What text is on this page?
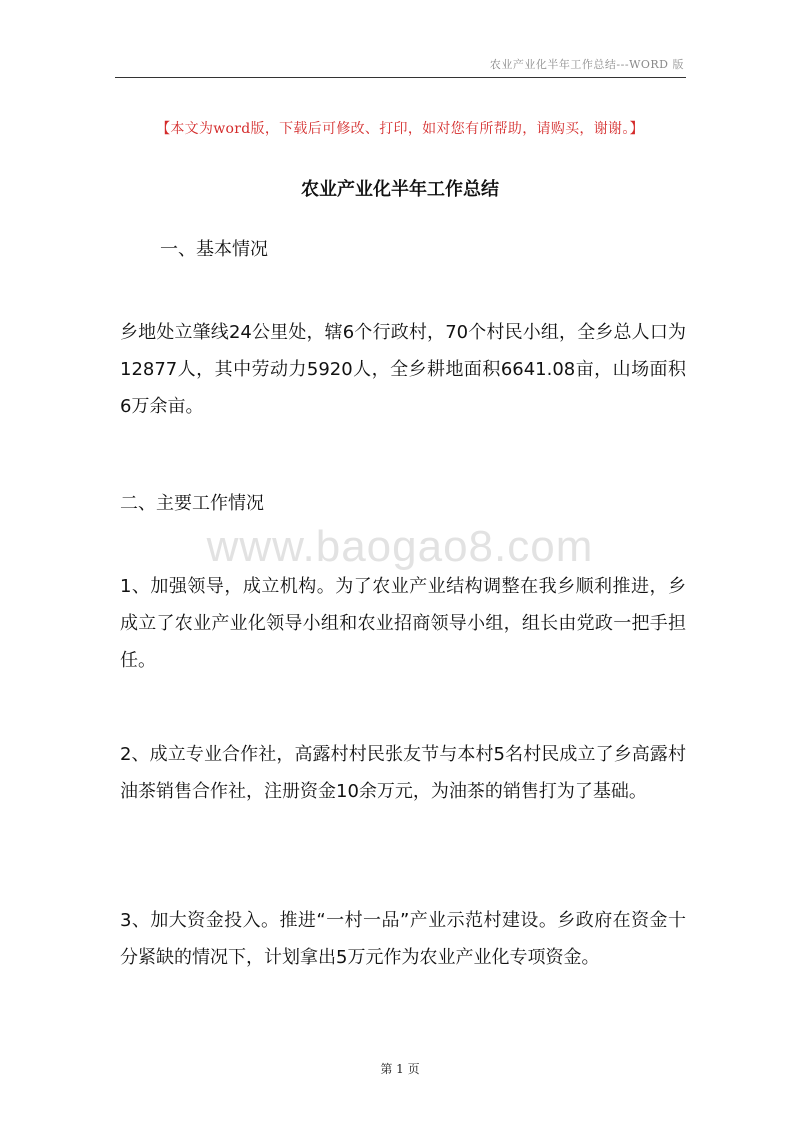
农业产业化半年工作总结---WORD 版
【本文为word版，下载后可修改、打印，如对您有所帮助，请购买，谢谢。】
农业产业化半年工作总结
www.baogao8.com

一、基本情况

乡地处立肇线24公里处，辖6个行政村，70个村民小组，全乡总人口为12877人，其中劳动力5920人，全乡耕地面积6641.08亩，山场面积6万余亩。

二、主要工作情况

1、加强领导，成立机构。为了农业产业结构调整在我乡顺利推进，乡成立了农业产业化领导小组和农业招商领导小组，组长由党政一把手担任。

2、成立专业合作社，高露村村民张友节与本村5名村民成立了乡高露村油茶销售合作社，注册资金10余万元，为油茶的销售打为了基础。

3、加大资金投入。推进“一村一品”产业示范村建设。乡政府在资金十分紧缺的情况下，计划拿出5万元作为农业产业化专项资金。

第 1 页
